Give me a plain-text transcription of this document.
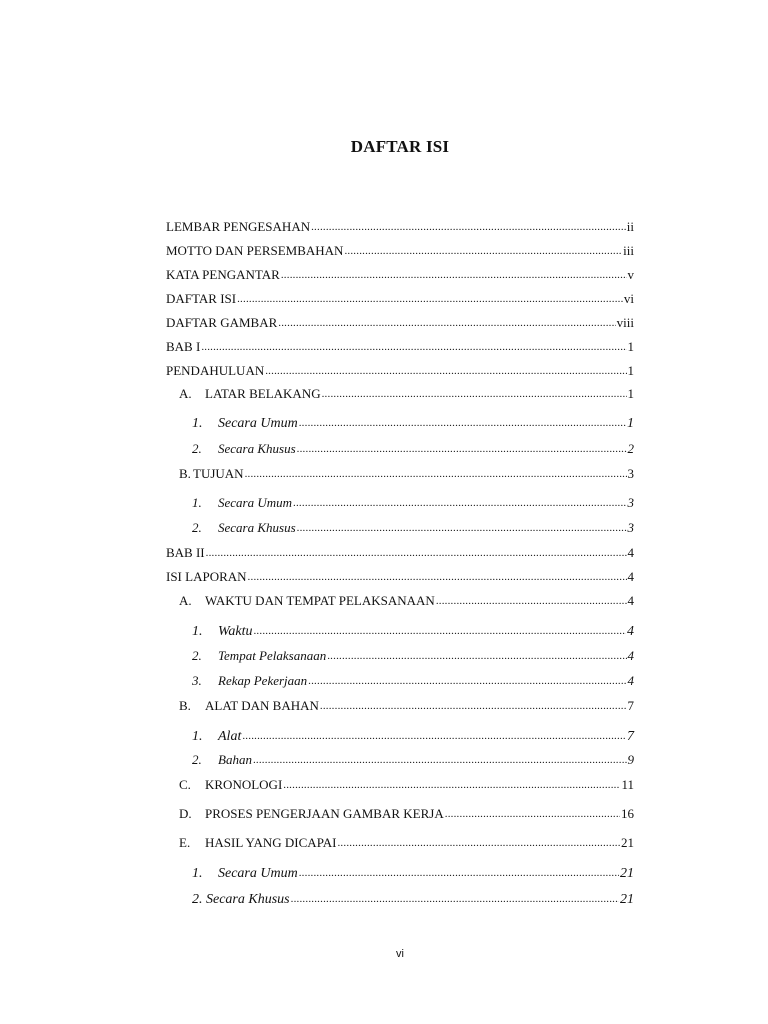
DAFTAR ISI
LEMBAR PENGESAHAN .....	ii
MOTTO DAN PERSEMBAHAN .....	iii
KATA PENGANTAR .....	v
DAFTAR ISI .....	vi
DAFTAR GAMBAR .....	viii
BAB I .....	1
PENDAHULUAN .....	1
A.	LATAR BELAKANG .....	1
1.	Secara Umum .....	1
2.	Secara Khusus .....	2
B. TUJUAN .....	3
1.	Secara Umum .....	3
2.	Secara Khusus .....	3
BAB II .....	4
ISI LAPORAN .....	4
A.	WAKTU DAN TEMPAT PELAKSANAAN .....	4
1.	Waktu .....	4
2.	Tempat Pelaksanaan .....	4
3.	Rekap Pekerjaan .....	4
B.	ALAT DAN BAHAN .....	7
1.	Alat .....	7
2.	Bahan .....	9
C.	KRONOLOGI .....	11
D.	PROSES PENGERJAAN GAMBAR KERJA .....	16
E.	HASIL YANG DICAPAI .....	21
1.	Secara Umum .....	21
2. Secara Khusus .....	21
vi
